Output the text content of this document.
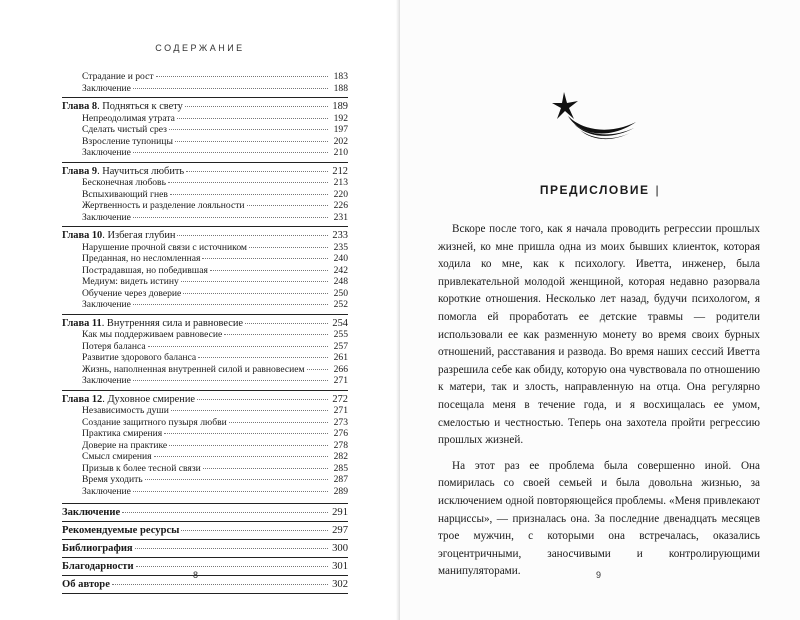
СОДЕРЖАНИЕ
Страдание и рост	183
Заключение	188
Глава 8. Подняться к свету	189
Непреодолимая утрата	192
Сделать чистый срез	197
Взросление тупоницы	202
Заключение	210
Глава 9. Научиться любить	212
Бесконечная любовь	213
Вспыхивающий гнев	220
Жертвенность и разделение лояльности	226
Заключение	231
Глава 10. Избегая глубин	233
Нарушение прочной связи с источником	235
Преданная, но несломленная	240
Пострадавшая, но победившая	242
Медиум: видеть истину	248
Обучение через доверие	250
Заключение	252
Глава 11. Внутренняя сила и равновесие	254
Как мы поддерживаем равновесие	255
Потеря баланса	257
Развитие здорового баланса	261
Жизнь, наполненная внутренней силой и равновесием	266
Заключение	271
Глава 12. Духовное смирение	272
Независимость души	271
Создание защитного пузыря любви	273
Практика смирения	276
Доверие на практике	278
Смысл смирения	282
Призыв к более тесной связи	285
Время уходить	287
Заключение	289
Заключение	291
Рекомендуемые ресурсы	297
Библиография	300
Благодарности	301
Об авторе	302
8
ПРЕДИСЛОВИЕ |

Вскоре после того, как я начала проводить регрессии прошлых жизней, ко мне пришла одна из моих бывших клиенток, которая ходила ко мне, как к психологу. Иветта, инженер, была привлекательной молодой женщиной, которая недавно разорвала короткие отношения. Несколько лет назад, будучи психологом, я помогла ей проработать ее детские травмы — родители использовали ее как разменную монету во время своих бурных отношений, расставания и развода. Во время наших сессий Иветта разрешила себе как обиду, которую она чувствовала по отношению к матери, так и злость, направленную на отца. Она регулярно посещала меня в течение года, и я восхищалась ее умом, смелостью и честностью. Теперь она захотела пройти регрессию прошлых жизней.

На этот раз ее проблема была совершенно иной. Она помирилась со своей семьей и была довольна жизнью, за исключением одной повторяющейся проблемы. «Меня привлекают нарциссы», — призналась она. За последние двенадцать месяцев трое мужчин, с которыми она встречалась, оказались эгоцентричными, заносчивыми и контролирующими манипуляторами.	9
